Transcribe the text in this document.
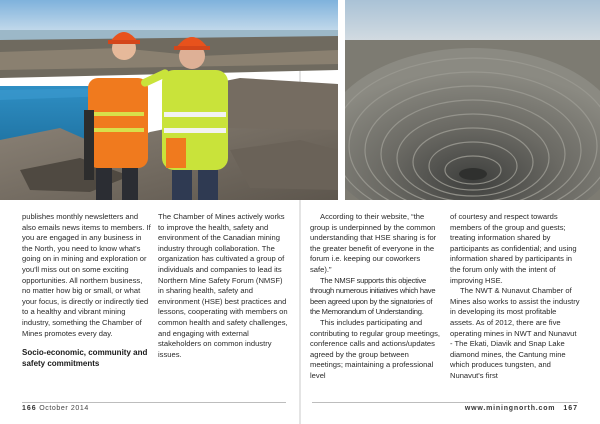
publishes monthly newsletters and also emails news items to members. If you are engaged in any business in the North, you need to know what's going on in mining and exploration or you'll miss out on some exciting opportunities. All northern business, no matter how big or small, or what your focus, is directly or indirectly tied to a healthy and vibrant mining industry, something the Chamber of Mines promotes every day.

Socio-economic, community and safety commitments

The Chamber of Mines actively works to improve the health, safety and environment of the Canadian mining industry through collaboration. The organization has cultivated a group of individuals and companies to lead its Northern Mine Safety Forum (NMSF) in sharing health, safety and environment (HSE) best practices and lessons, cooperating with members on common health and safety challenges, and engaging with external stakeholders on common industry issues.

According to their website, “the group is underpinned by the common understanding that HSE sharing is for the greater benefit of everyone in the forum i.e. keeping our coworkers safe).”

The NMSF supports this objective through numerous initiatives which have been agreed upon by the signatories of the Memorandum of Understanding.

This includes participating and contributing to regular group meetings, conference calls and actions/updates agreed by the group between meetings; maintaining a professional level

of courtesy and respect towards members of the group and guests; treating information shared by participants as confidential; and using information shared by participants in the forum only with the intent of improving HSE.

The NWT & Nunavut Chamber of Mines also works to assist the industry in developing its most profitable assets. As of 2012, there are five operating mines in NWT and Nunavut - The Ekati, Diavik and Snap Lake diamond mines, the Cantung mine which produces tungsten, and Nunavut's first

166 October 2014	www.miningnorth.com 167
